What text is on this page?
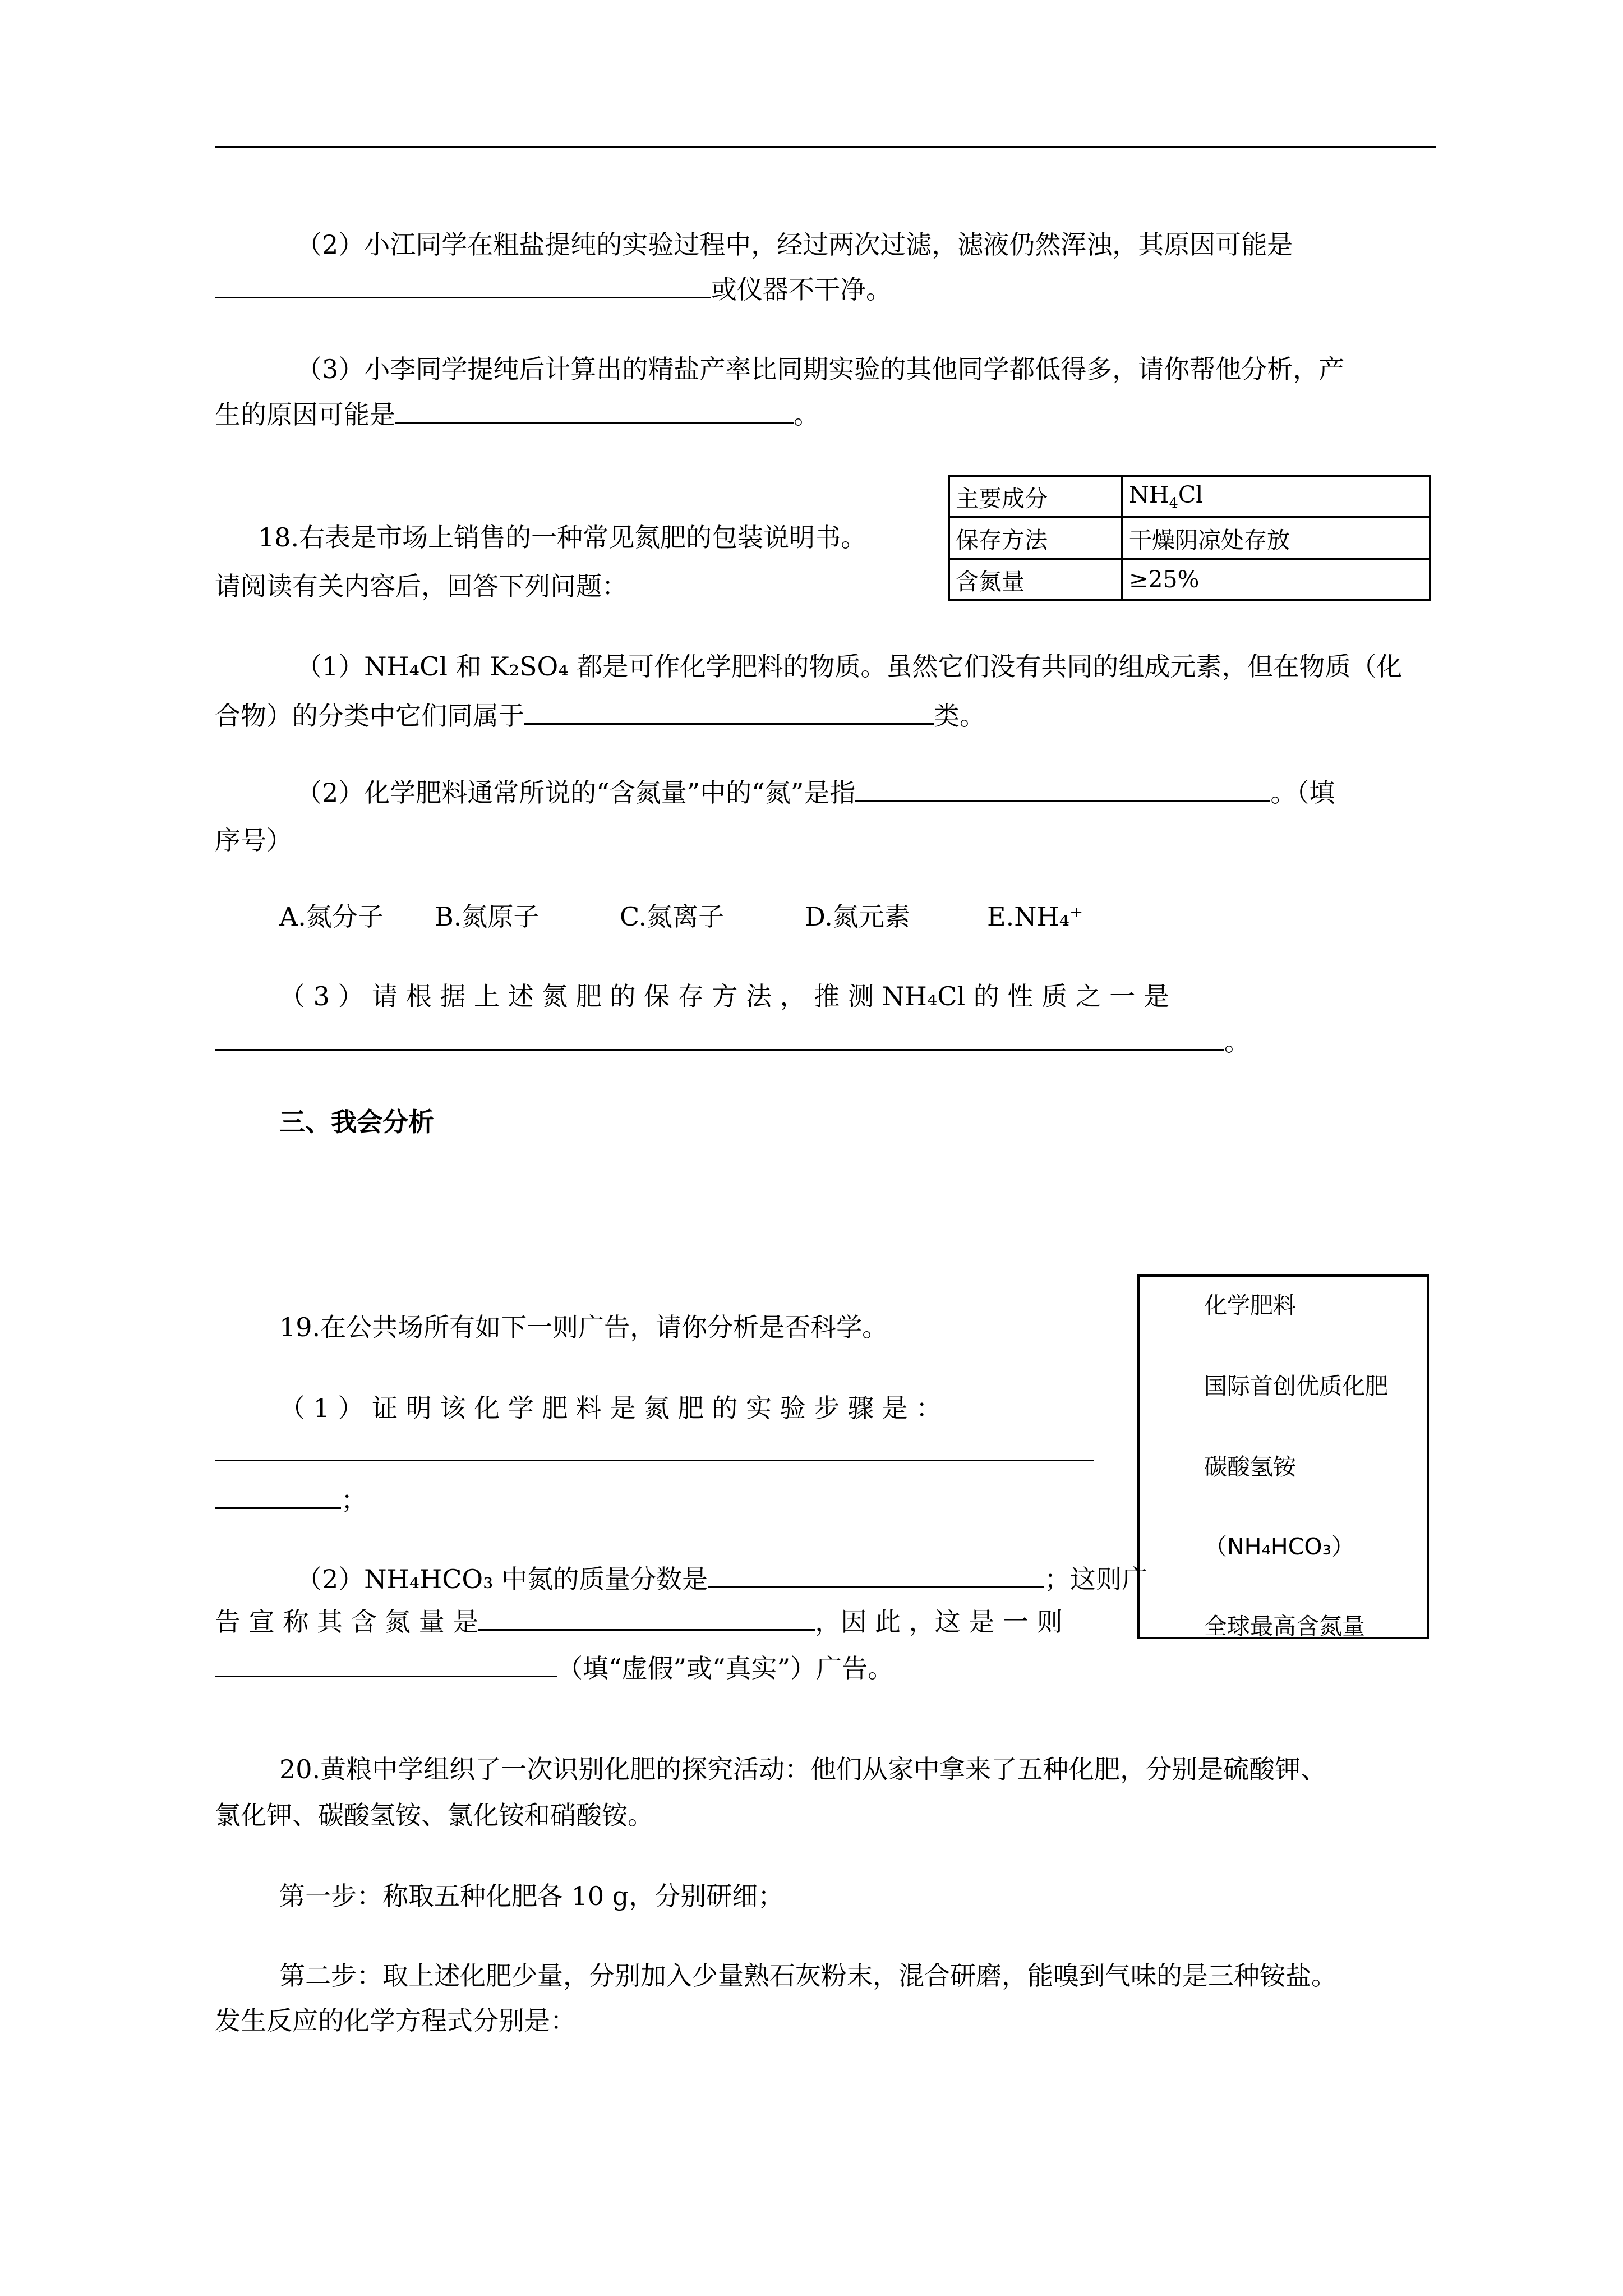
（2）小江同学在粗盐提纯的实验过程中，经过两次过滤，滤液仍然浑浊，其原因可能是
或仪器不干净。
（3）小李同学提纯后计算出的精盐产率比同期实验的其他同学都低得多，请你帮他分析，产
生的原因可能是	。
18.右表是市场上销售的一种常见氮肥的包装说明书。
请阅读有关内容后，回答下列问题：
主要成分	$NH_4Cl$
保存方法	干燥阴凉处存放
含氮量	≥25%
（1）NH₄Cl 和 K₂SO₄ 都是可作化学肥料的物质。虽然它们没有共同的组成元素，但在物质（化
合物）的分类中它们同属于	类。
（2）化学肥料通常所说的“含氮量”中的“氮”是指	。（填
序号）
A.氮分子 B.氮原子	C.氮离子	D.氮元素	E.NH₄⁺
（ 3 ） 请 根 据 上 述 氮 肥 的 保 存 方 法 ， 推 测 NH₄Cl 的 性 质 之 一 是
。
三、我会分析
19.在公共场所有如下一则广告，请你分析是否科学。
（ 1 ） 证 明 该 化 学 肥 料 是 氮 肥 的 实 验 步 骤 是 ：
；
（2）NH₄HCO₃ 中氮的质量分数是	；这则广
告 宣 称 其 含 氮 量 是	，因 此 ，这 是 一 则
（填“虚假”或“真实”）广告。
化学肥料
国际首创优质化肥
碳酸氢铵
（NH₄HCO₃）
全球最高含氮量
20.黄粮中学组织了一次识别化肥的探究活动：他们从家中拿来了五种化肥，分别是硫酸钾、
氯化钾、碳酸氢铵、氯化铵和硝酸铵。
第一步：称取五种化肥各 10 g，分别研细；
第二步：取上述化肥少量，分别加入少量熟石灰粉末，混合研磨，能嗅到气味的是三种铵盐。
发生反应的化学方程式分别是：
